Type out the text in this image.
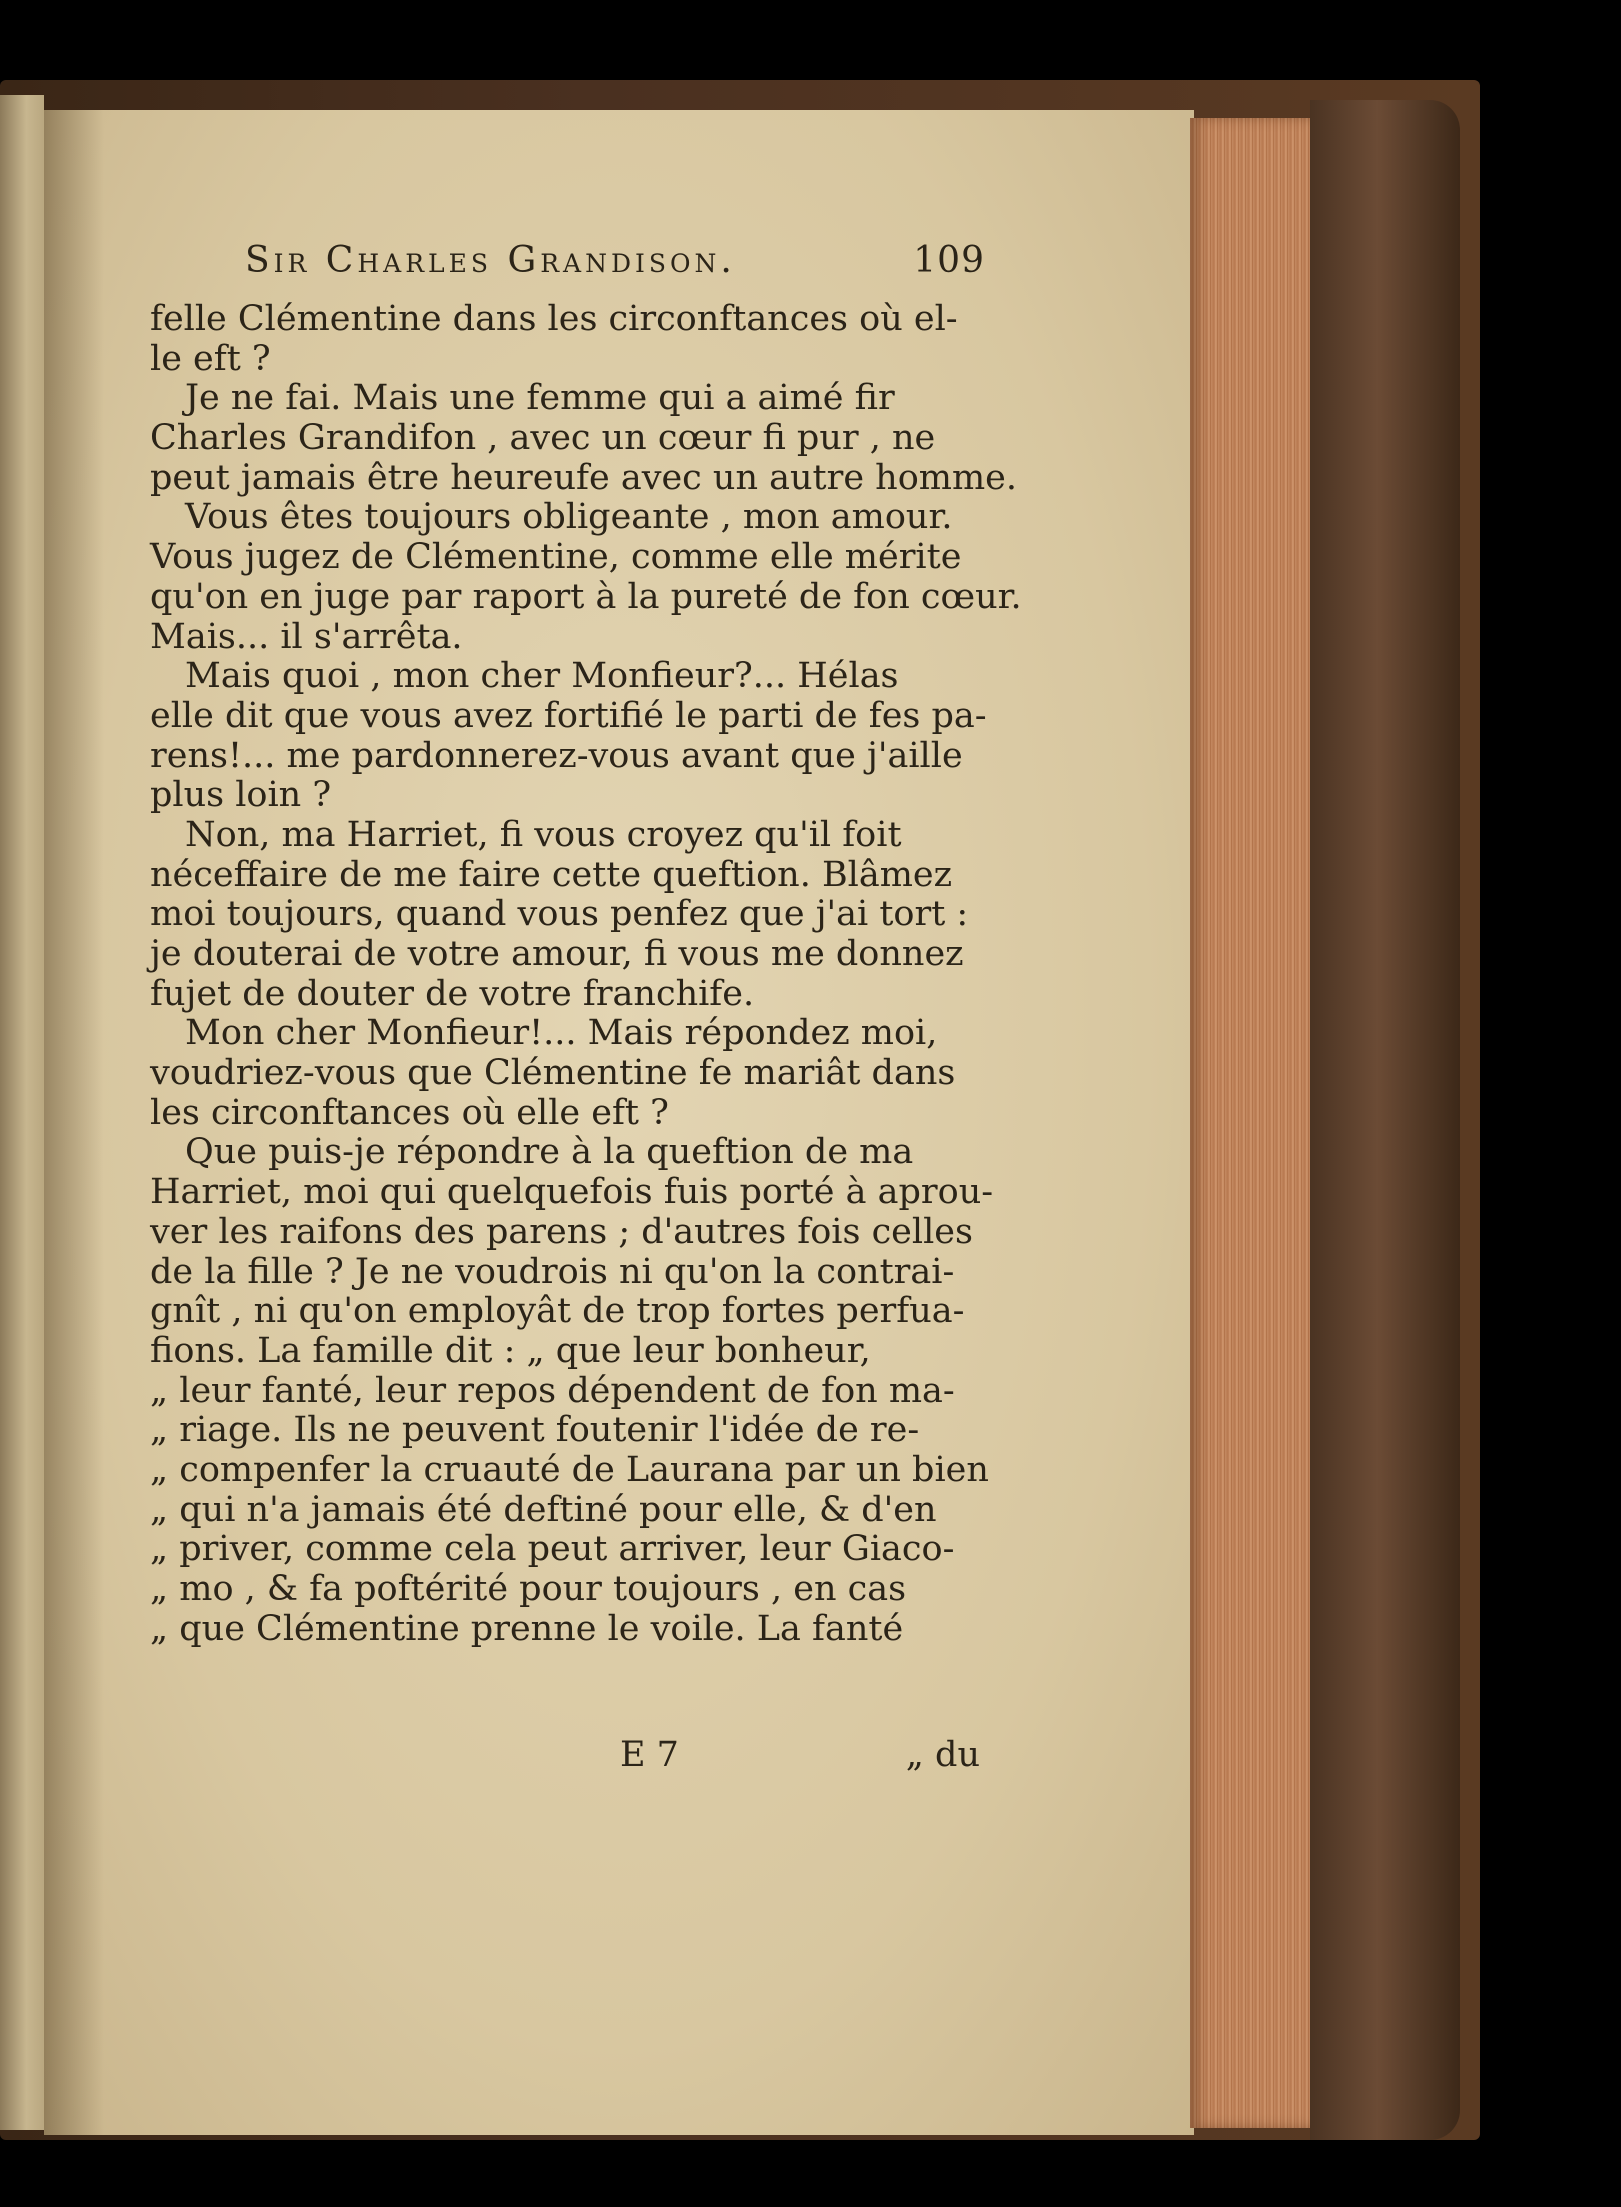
Sir Charles Grandison.	109
felle Clémentine dans les circonftances où el-
le eft ?
Je ne fai. Mais une femme qui a aimé fir
Charles Grandifon , avec un cœur fi pur , ne
peut jamais être heureufe avec un autre homme.
Vous êtes toujours obligeante , mon amour.
Vous jugez de Clémentine, comme elle mérite
qu'on en juge par raport à la pureté de fon cœur.
Mais... il s'arrêta.
Mais quoi , mon cher Monfieur?... Hélas
elle dit que vous avez fortifié le parti de fes pa-
rens!... me pardonnerez-vous avant que j'aille
plus loin ?
Non, ma Harriet, fi vous croyez qu'il foit
néceffaire de me faire cette queftion. Blâmez
moi toujours, quand vous penfez que j'ai tort :
je douterai de votre amour, fi vous me donnez
fujet de douter de votre franchife.
Mon cher Monfieur!... Mais répondez moi,
voudriez-vous que Clémentine fe mariât dans
les circonftances où elle eft ?
Que puis-je répondre à la queftion de ma
Harriet, moi qui quelquefois fuis porté à aprou-
ver les raifons des parens ; d'autres fois celles
de la fille ? Je ne voudrois ni qu'on la contrai-
gnît , ni qu'on employât de trop fortes perfua-
fions. La famille dit : „ que leur bonheur,
„ leur fanté, leur repos dépendent de fon ma-
„ riage. Ils ne peuvent foutenir l'idée de re-
„ compenfer la cruauté de Laurana par un bien
„ qui n'a jamais été deftiné pour elle, & d'en
„ priver, comme cela peut arriver, leur Giaco-
„ mo , & fa poftérité pour toujours , en cas
„ que Clémentine prenne le voile. La fanté
E 7	„ du
